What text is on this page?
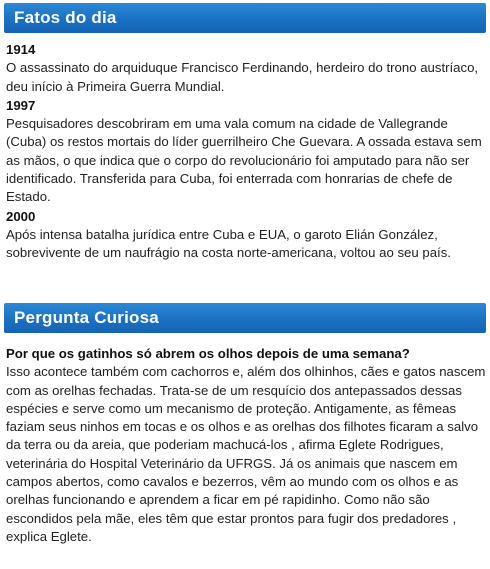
Fatos do dia

1914

O assassinato do arquiduque Francisco Ferdinando, herdeiro do trono austríaco, deu início à Primeira Guerra Mundial.

1997

Pesquisadores descobriram em uma vala comum na cidade de Vallegrande (Cuba) os restos mortais do líder guerrilheiro Che Guevara. A ossada estava sem as mãos, o que indica que o corpo do revolucionário foi amputado para não ser identificado. Transferida para Cuba, foi enterrada com honrarias de chefe de Estado.

2000

Após intensa batalha jurídica entre Cuba e EUA, o garoto Elián González, sobrevivente de um naufrágio na costa norte-americana, voltou ao seu país.

Pergunta Curiosa

Por que os gatinhos só abrem os olhos depois de uma semana?

Isso acontece também com cachorros e, além dos olhinhos, cães e gatos nascem com as orelhas fechadas. Trata-se de um resquício dos antepassados dessas espécies e serve como um mecanismo de proteção. Antigamente, as fêmeas faziam seus ninhos em tocas e os olhos e as orelhas dos filhotes ficaram a salvo da terra ou da areia, que poderiam machucá-los , afirma Eglete Rodrigues, veterinária do Hospital Veterinário da UFRGS. Já os animais que nascem em campos abertos, como cavalos e bezerros, vêm ao mundo com os olhos e as orelhas funcionando e aprendem a ficar em pé rapidinho. Como não são escondidos pela mãe, eles têm que estar prontos para fugir dos predadores , explica Eglete.
